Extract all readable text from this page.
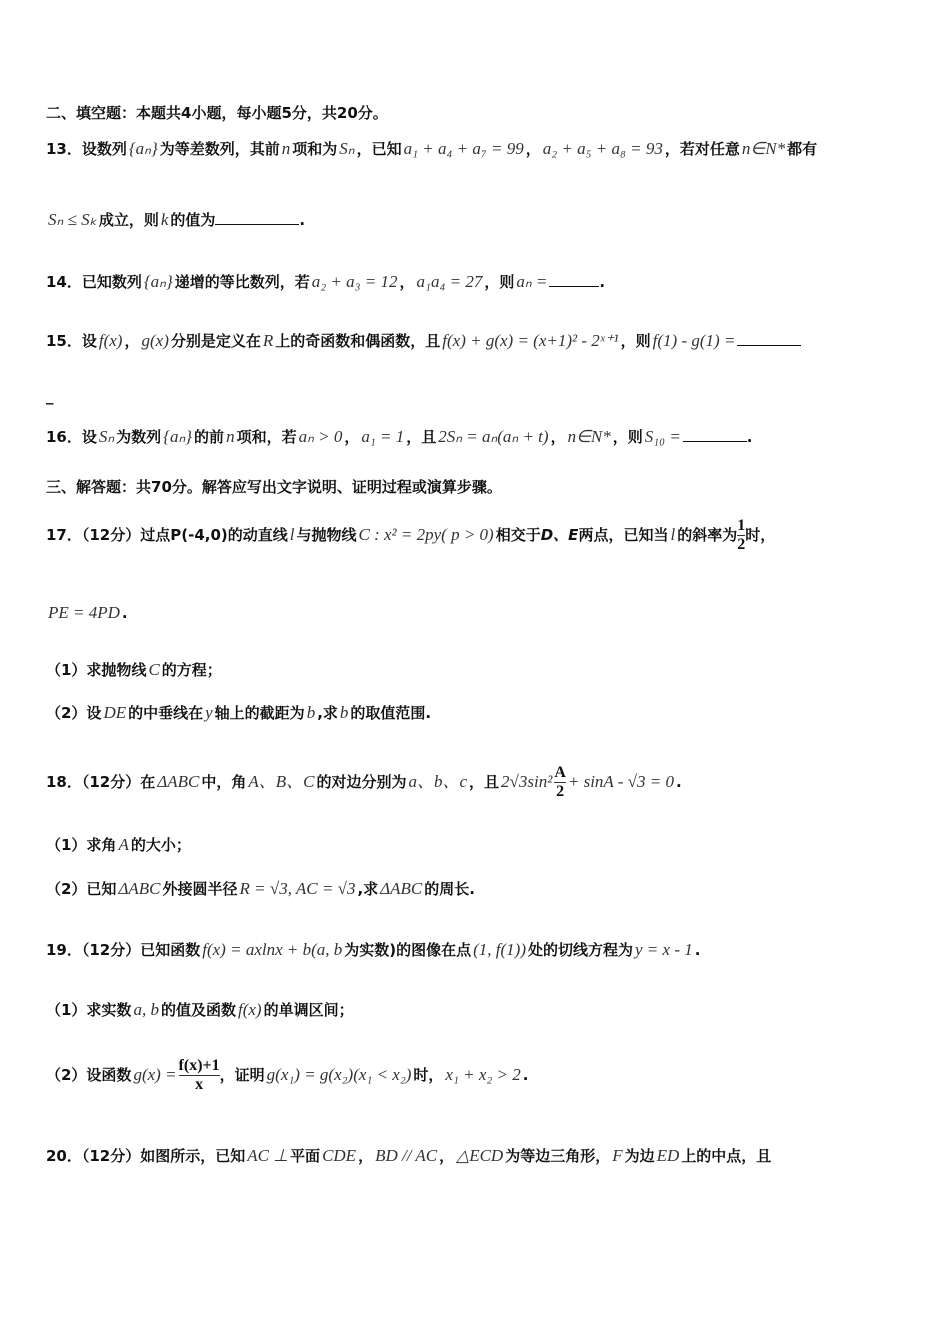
二、填空题：本题共4小题，每小题5分，共20分。
13．设数列 {aₙ} 为等差数列，其前 n 项和为 Sₙ ，已知 a₁ + a₄ + a₇ = 99 ， a₂ + a₅ + a₈ = 93 ，若对任意 n∈N* 都有
Sₙ ≤ Sₖ 成立，则 k 的值为	.
14．已知数列 {aₙ} 递增的等比数列，若 a₂ + a₃ = 12 ， a₁a₄ = 27 ，则 aₙ =	.
15．设 f(x) ， g(x) 分别是定义在 R 上的奇函数和偶函数，且 f(x) + g(x) = (x+1)² - 2ˣ⁺¹ ，则 f(1) - g(1) =
_
16．设 Sₙ 为数列 {aₙ} 的前 n 项和，若 aₙ > 0 ， a₁ = 1 ，且 2Sₙ = aₙ(aₙ + t) ， n∈N* ，则 S₁₀ =	.
三、解答题：共70分。解答应写出文字说明、证明过程或演算步骤。
17．（12分）过点P(-4,0)的动直线 l 与抛物线 C : x² = 2py( p > 0) 相交于D、E两点，已知当 l 的斜率为 $\frac{1}{2}$ 时，
PE = 4PD .
（1）求抛物线 C 的方程；
（2）设 DE 的中垂线在 y 轴上的截距为 b ,求 b 的取值范围.
18．（12分）在 ΔABC 中，角 A、B、C 的对边分别为 a、b、c ，且 $2√3\sin^2 \frac{A}{2} + \sin A - √3 = 0$ .
（1）求角 A 的大小；
（2）已知 ΔABC 外接圆半径 R = √3, AC = √3 ,求 ΔABC 的周长.
19．（12分）已知函数 f(x) = axlnx + b(a, b 为实数)的图像在点 (1, f(1)) 处的切线方程为 y = x - 1 .
（1）求实数 a, b 的值及函数 f(x) 的单调区间；
（2）设函数 $g(x) = \frac{f(x)+1}{x}$ ，证明 g(x₁) = g(x₂)(x₁ < x₂) 时， x₁ + x₂ > 2 .
20．（12分）如图所示，已知 AC ⊥ 平面 CDE ， BD // AC ， △ECD 为等边三角形， F 为边 ED 上的中点，且
